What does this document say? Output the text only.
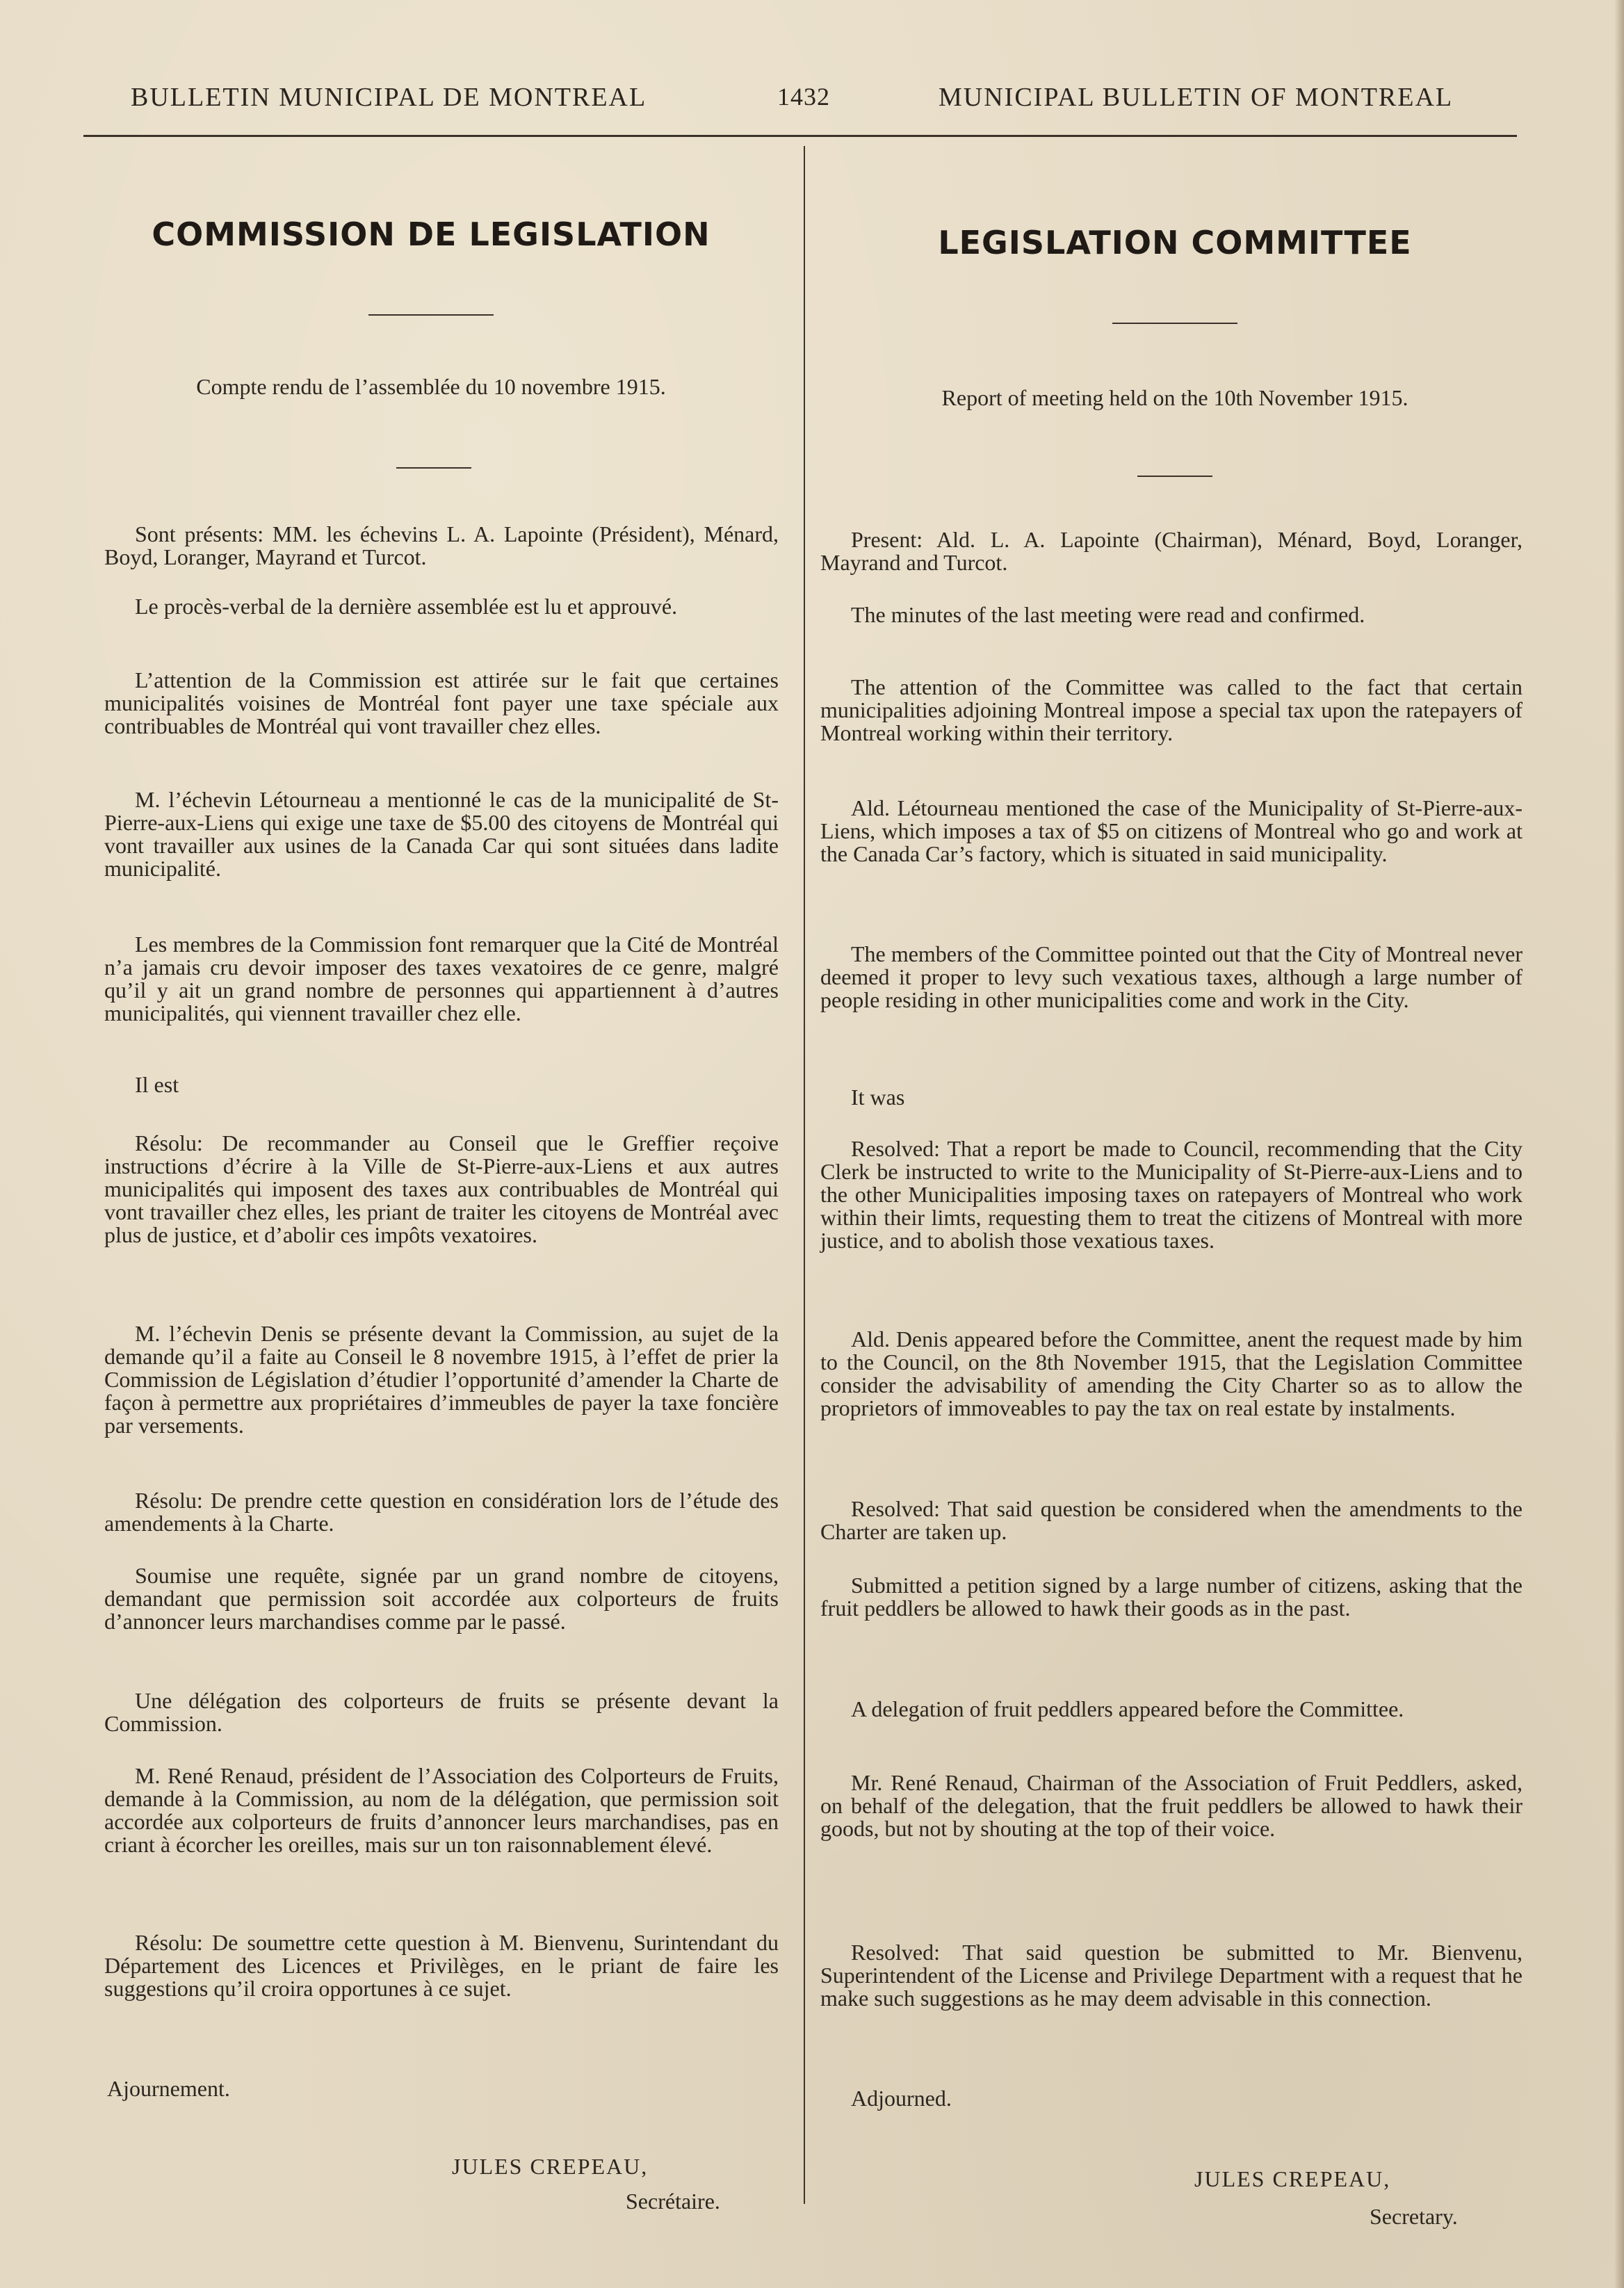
BULLETIN MUNICIPAL DE MONTREAL	1432	MUNICIPAL BULLETIN OF MONTREAL
COMMISSION DE LEGISLATION
Compte rendu de l’assemblée du 10 novembre 1915.

Sont présents: MM. les échevins L. A. Lapointe (Président), Ménard, Boyd, Loranger, Mayrand et Turcot.

Le procès-verbal de la dernière assemblée est lu et approuvé.

L’attention de la Commission est attirée sur le fait que certaines municipalités voisines de Montréal font payer une taxe spéciale aux contribuables de Montréal qui vont travailler chez elles.

M. l’échevin Létourneau a mentionné le cas de la municipalité de St-Pierre-aux-Liens qui exige une taxe de $5.00 des citoyens de Montréal qui vont travailler aux usines de la Canada Car qui sont situées dans ladite municipalité.

Les membres de la Commission font remarquer que la Cité de Montréal n’a jamais cru devoir imposer des taxes vexatoires de ce genre, malgré qu’il y ait un grand nombre de personnes qui appartiennent à d’autres municipalités, qui viennent travailler chez elle.

Il est

Résolu: De recommander au Conseil que le Greffier reçoive instructions d’écrire à la Ville de St-Pierre-aux-Liens et aux autres municipalités qui imposent des taxes aux contribuables de Montréal qui vont travailler chez elles, les priant de traiter les citoyens de Montréal avec plus de justice, et d’abolir ces impôts vexatoires.

M. l’échevin Denis se présente devant la Commission, au sujet de la demande qu’il a faite au Conseil le 8 novembre 1915, à l’effet de prier la Commission de Législation d’étudier l’opportunité d’amender la Charte de façon à permettre aux propriétaires d’immeubles de payer la taxe foncière par versements.

Résolu: De prendre cette question en considération lors de l’étude des amendements à la Charte.

Soumise une requête, signée par un grand nombre de citoyens, demandant que permission soit accordée aux colporteurs de fruits d’annoncer leurs marchandises comme par le passé.

Une délégation des colporteurs de fruits se présente devant la Commission.

M. René Renaud, président de l’Association des Colporteurs de Fruits, demande à la Commission, au nom de la délégation, que permission soit accordée aux colporteurs de fruits d’annoncer leurs marchandises, pas en criant à écorcher les oreilles, mais sur un ton raisonnablement élevé.

Résolu: De soumettre cette question à M. Bienvenu, Surintendant du Département des Licences et Privilèges, en le priant de faire les suggestions qu’il croira opportunes à ce sujet.

Ajournement.

JULES CREPEAU,
Secrétaire.
LEGISLATION COMMITTEE
Report of meeting held on the 10th November 1915.

Present: Ald. L. A. Lapointe (Chairman), Ménard, Boyd, Loranger, Mayrand and Turcot.

The minutes of the last meeting were read and confirmed.

The attention of the Committee was called to the fact that certain municipalities adjoining Montreal impose a special tax upon the ratepayers of Montreal working within their territory.

Ald. Létourneau mentioned the case of the Municipality of St-Pierre-aux-Liens, which imposes a tax of $5 on citizens of Montreal who go and work at the Canada Car’s factory, which is situated in said municipality.

The members of the Committee pointed out that the City of Montreal never deemed it proper to levy such vexatious taxes, although a large number of people residing in other municipalities come and work in the City.

It was

Resolved: That a report be made to Council, recommending that the City Clerk be instructed to write to the Municipality of St-Pierre-aux-Liens and to the other Municipalities imposing taxes on ratepayers of Montreal who work within their limts, requesting them to treat the citizens of Montreal with more justice, and to abolish those vexatious taxes.

Ald. Denis appeared before the Committee, anent the request made by him to the Council, on the 8th November 1915, that the Legislation Committee consider the advisability of amending the City Charter so as to allow the proprietors of immoveables to pay the tax on real estate by instalments.

Resolved: That said question be considered when the amendments to the Charter are taken up.

Submitted a petition signed by a large number of citizens, asking that the fruit peddlers be allowed to hawk their goods as in the past.

A delegation of fruit peddlers appeared before the Committee.

Mr. René Renaud, Chairman of the Association of Fruit Peddlers, asked, on behalf of the delegation, that the fruit peddlers be allowed to hawk their goods, but not by shouting at the top of their voice.

Resolved: That said question be submitted to Mr. Bienvenu, Superintendent of the License and Privilege Department with a request that he make such suggestions as he may deem advisable in this connection.

Adjourned.

JULES CREPEAU,
Secretary.
